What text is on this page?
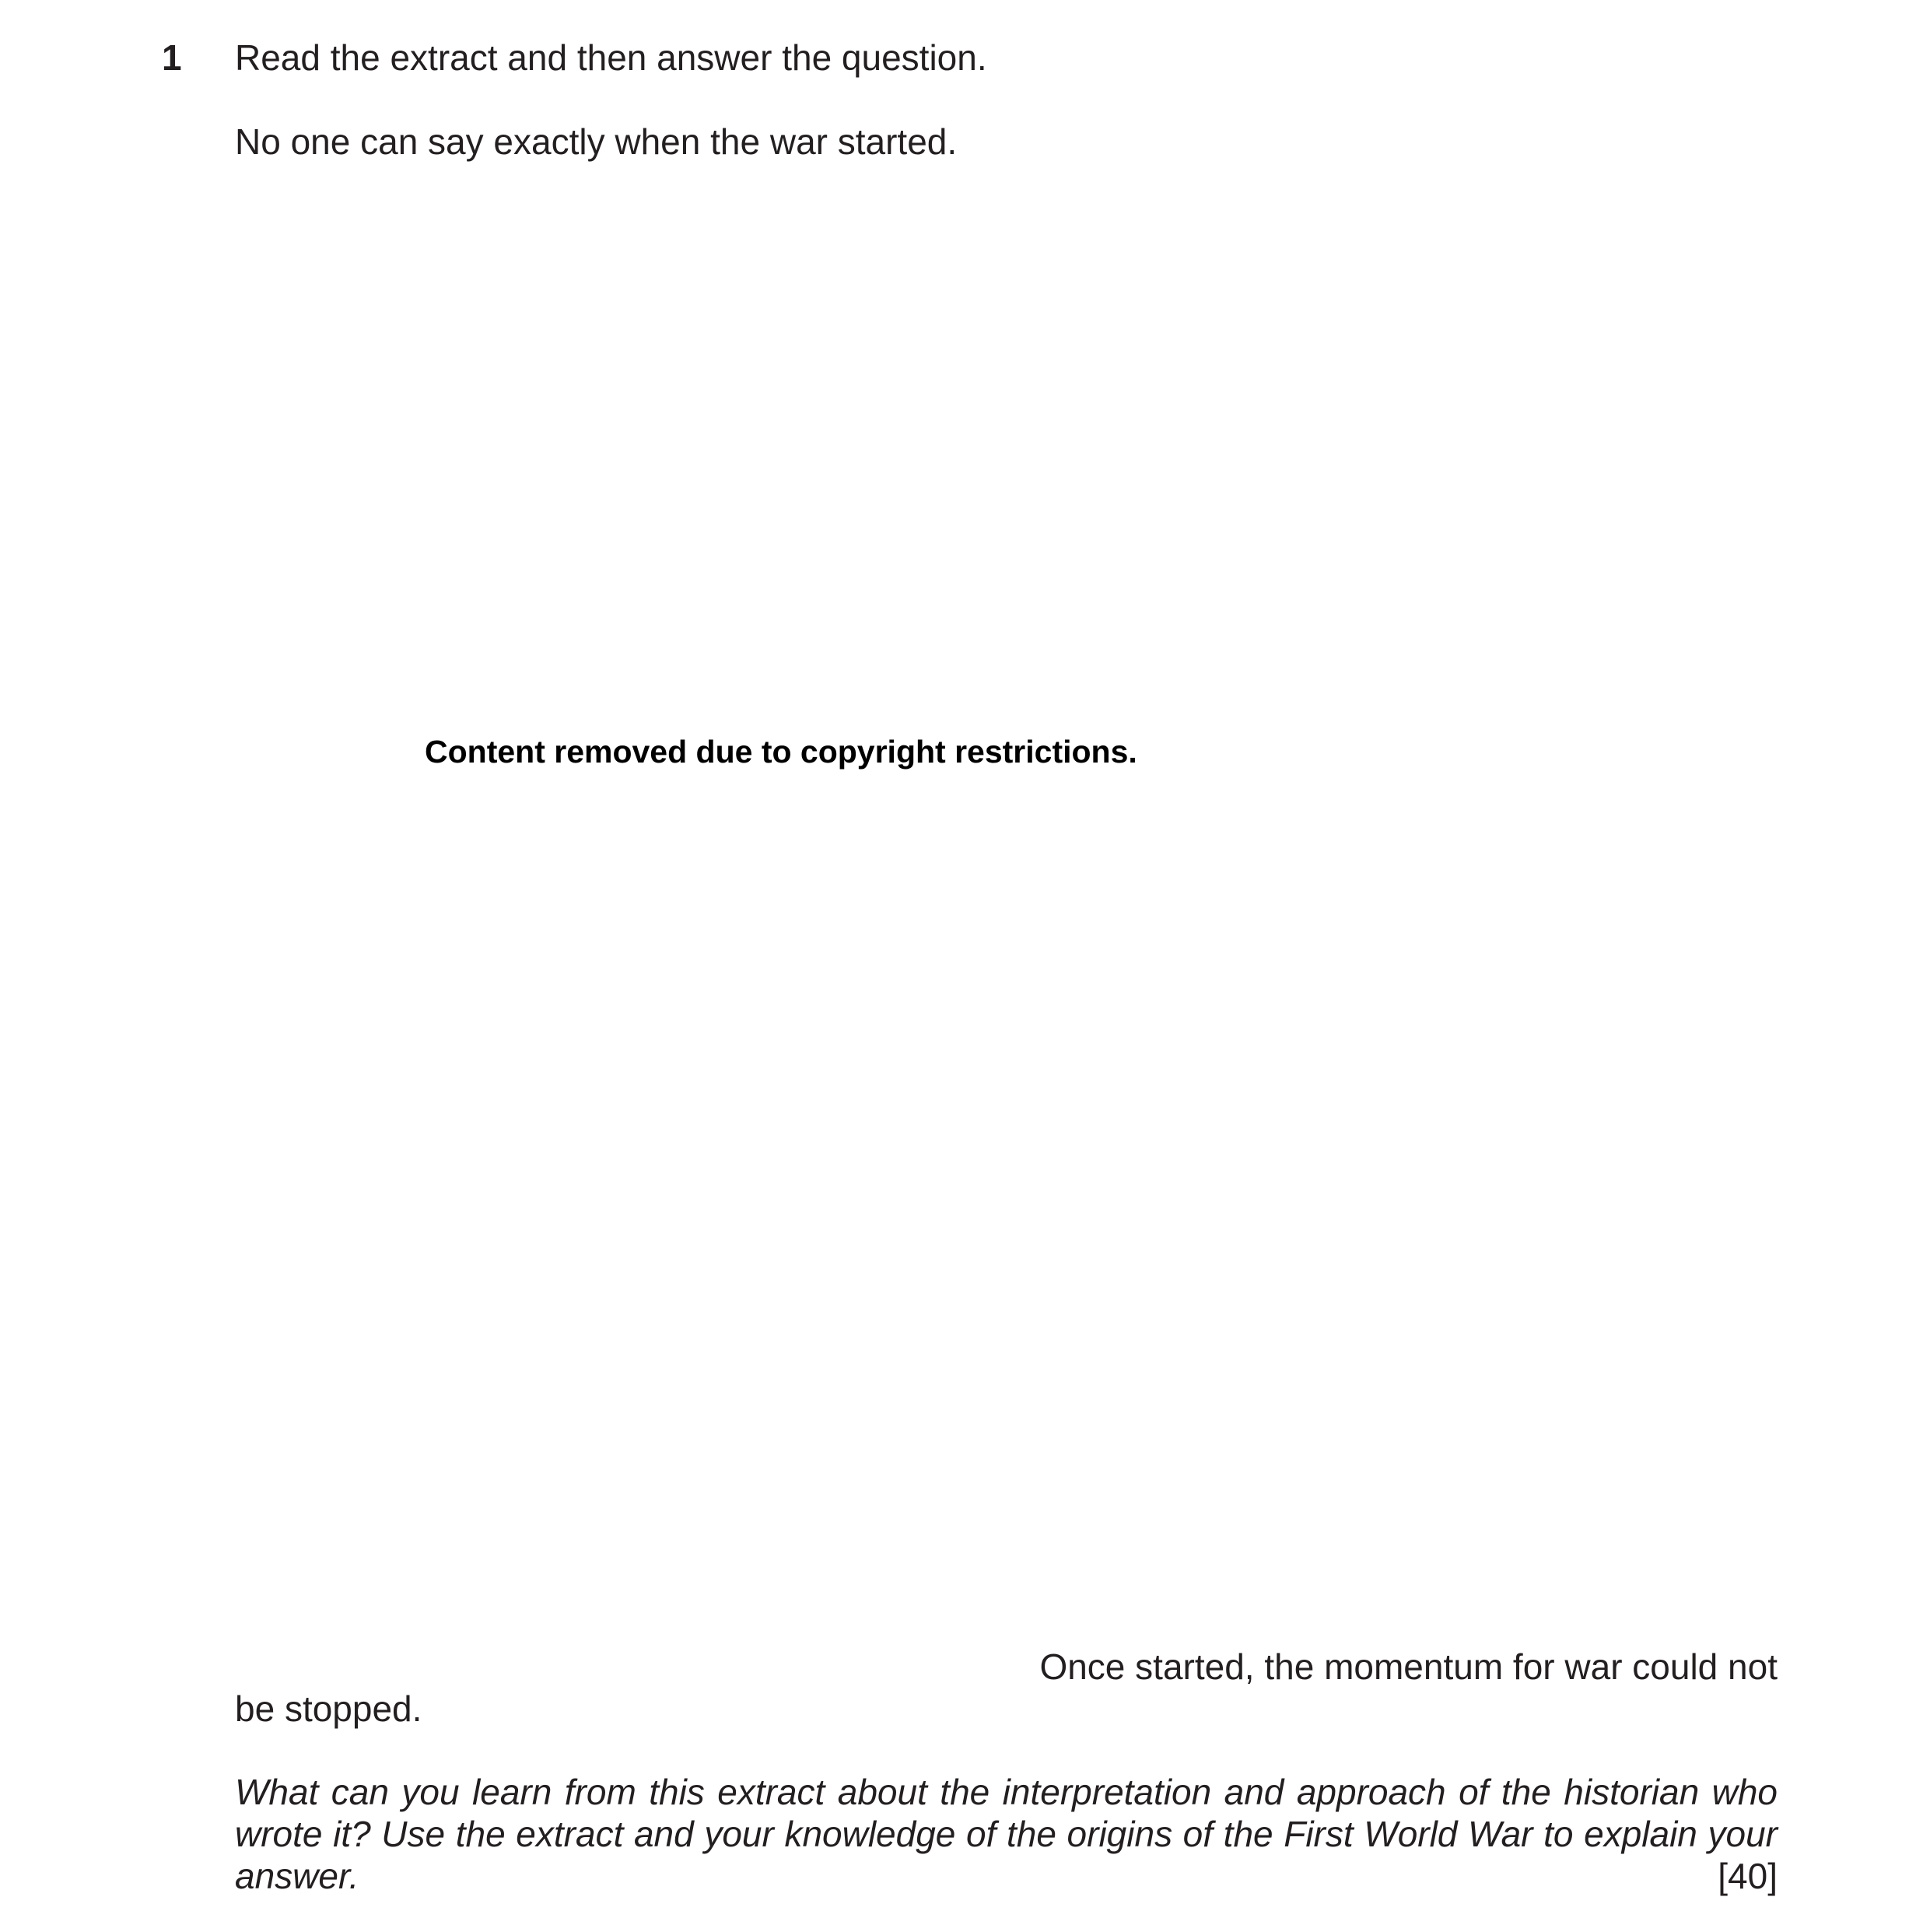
1 Read the extract and then answer the question.
No one can say exactly when the war started.
Content removed due to copyright restrictions.
Once started, the momentum for war could not
be stopped.
What can you learn from this extract about the interpretation and approach of the historian who
wrote it? Use the extract and your knowledge of the origins of the First World War to explain your
answer.	[40]
